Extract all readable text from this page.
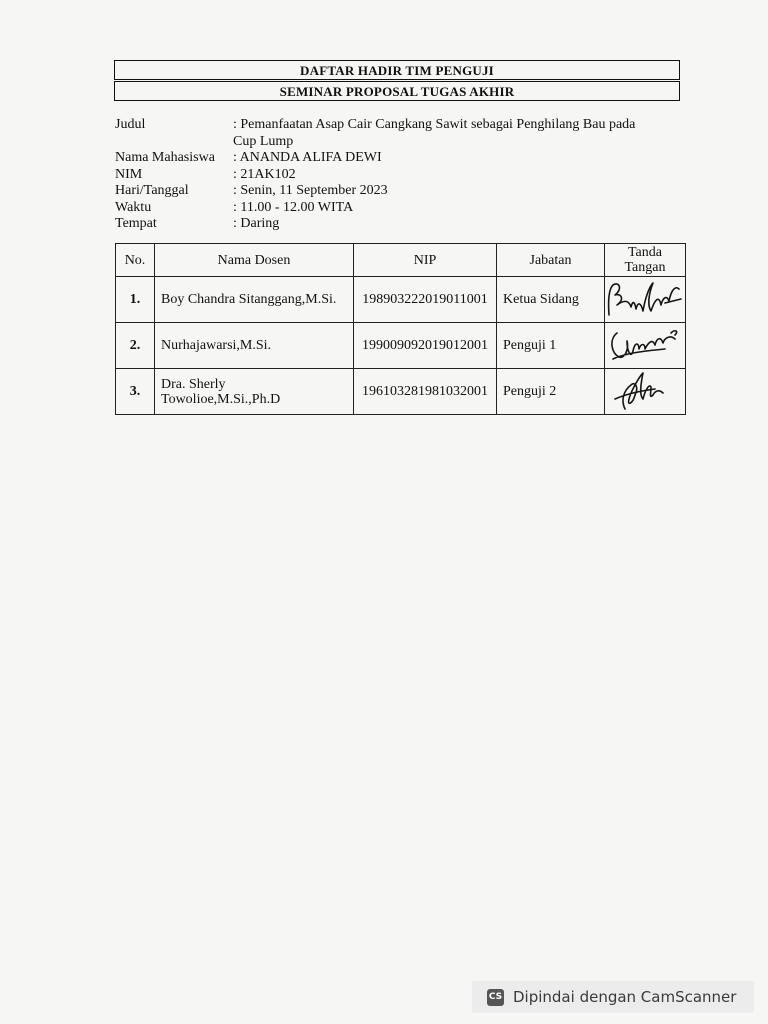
DAFTAR HADIR TIM PENGUJI
SEMINAR PROPOSAL TUGAS AKHIR
Judul	: Pemanfaatan Asap Cair Cangkang Sawit sebagai Penghilang Bau pada
Cup Lump
Nama Mahasiswa	: ANANDA ALIFA DEWI
NIM	: 21AK102
Hari/Tanggal	: Senin, 11 September 2023
Waktu	: 11.00 - 12.00 WITA
Tempat	: Daring
No.	Nama Dosen	NIP	Jabatan	Tanda
Tangan

1.	Boy Chandra Sitanggang,M.Si.	198903222019011001	Ketua Sidang	

2.	Nurhajawarsi,M.Si.	199009092019012001	Penguji 1	

3.	Dra. Sherly
Towolioe,M.Si.,Ph.D	196103281981032001	Penguji 2	
CS Dipindai dengan CamScanner
